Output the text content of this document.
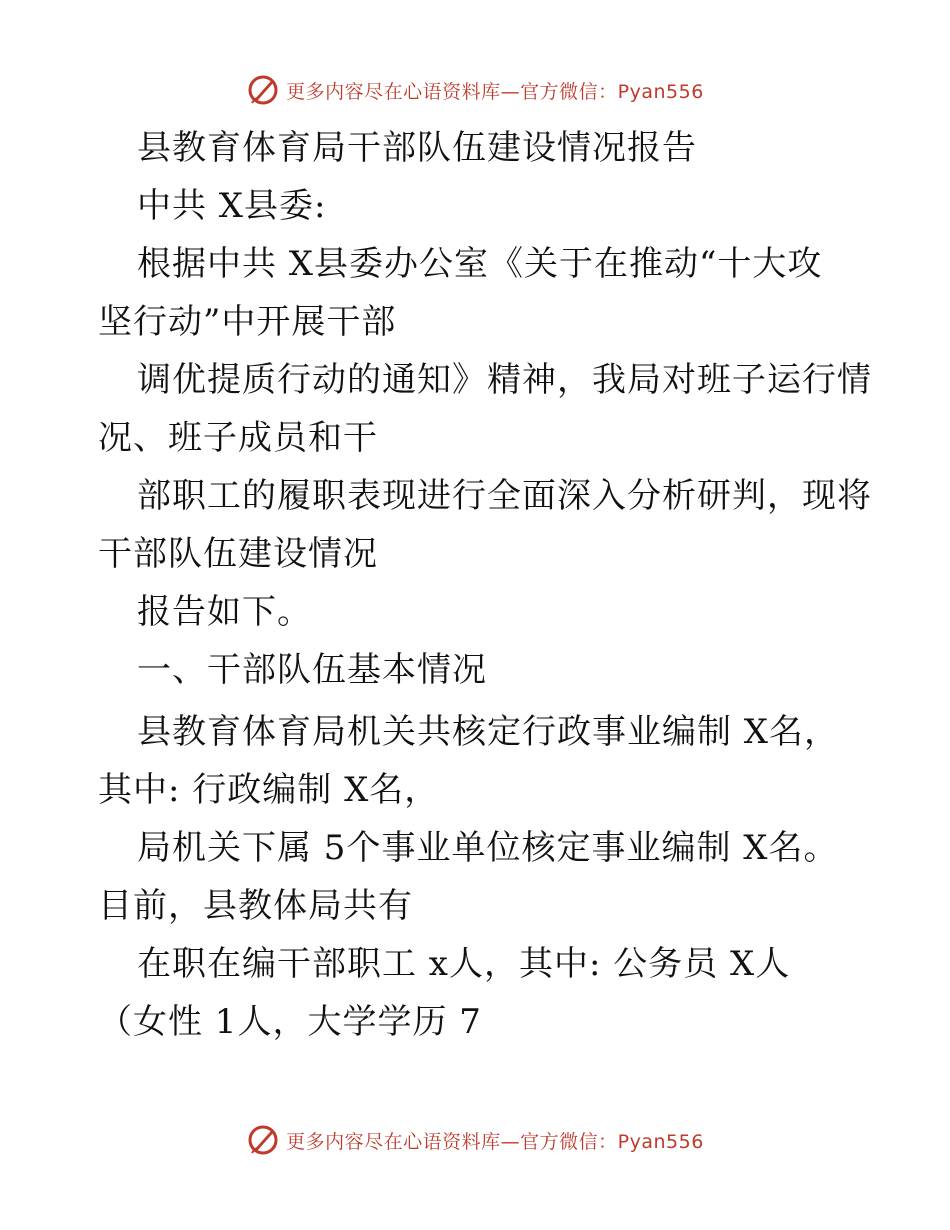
更多内容尽在心语资料库—官方微信：Pyan556
县教育体育局干部队伍建设情况报告
中共 X县委:
根据中共 X县委办公室《关于在推动“十大攻
坚行动”中开展干部
调优提质行动的通知》精神，我局对班子运行情
况、班子成员和干
部职工的履职表现进行全面深入分析研判，现将
干部队伍建设情况
报告如下。
一、干部队伍基本情况
县教育体育局机关共核定行政事业编制 X名，
其中: 行政编制 X名，
局机关下属 5个事业单位核定事业编制 X名。
目前，县教体局共有
在职在编干部职工 x人，其中: 公务员 X人
（女性 1人，大学学历 7
更多内容尽在心语资料库—官方微信：Pyan556
